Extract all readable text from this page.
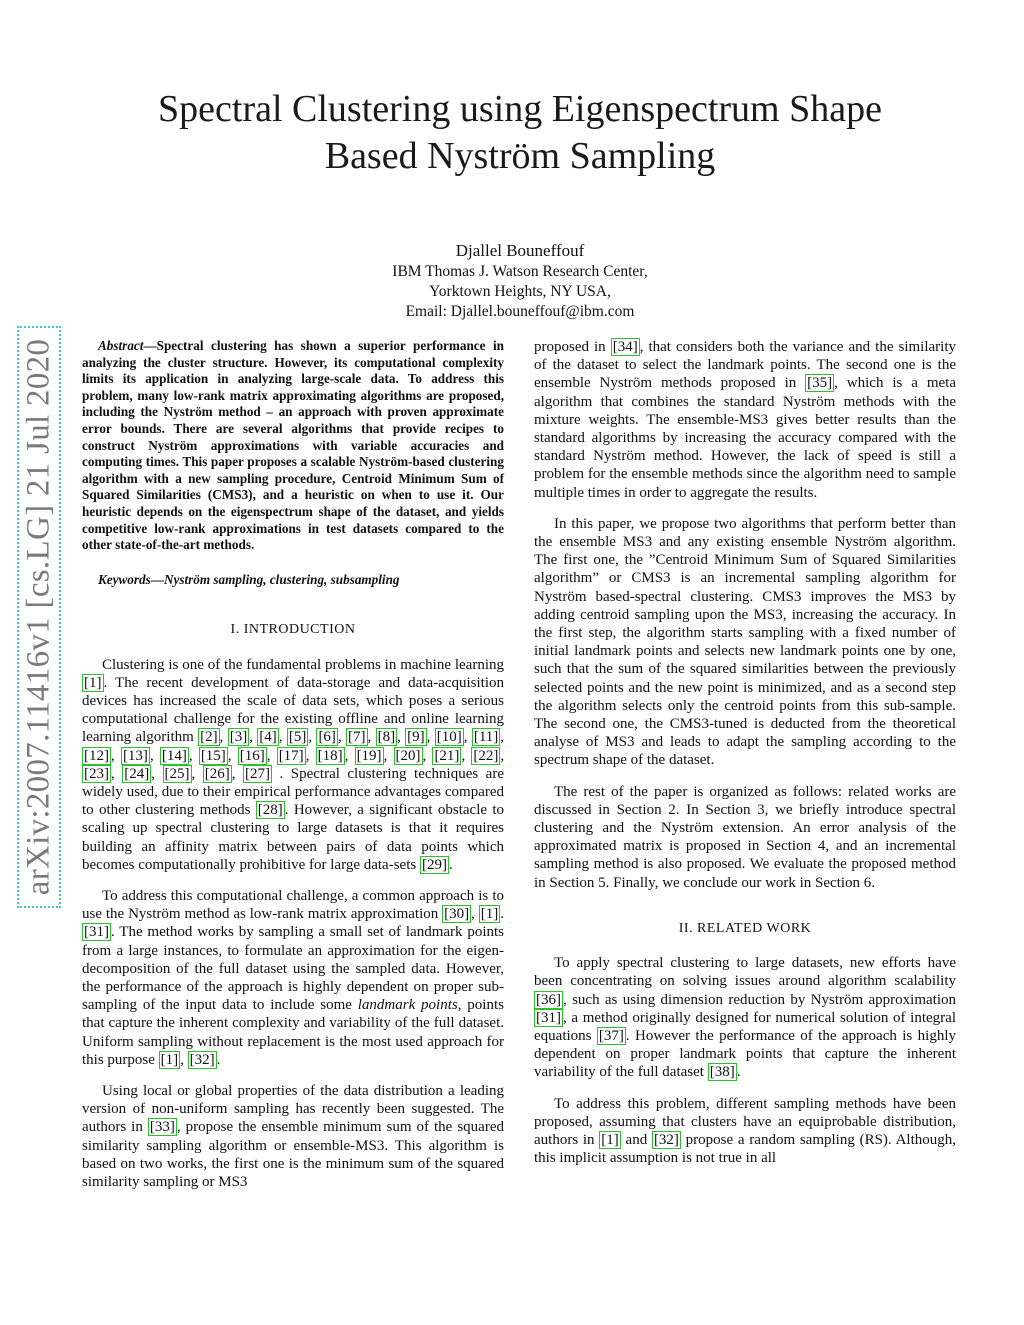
Spectral Clustering using Eigenspectrum Shape
Based Nyström Sampling
Djallel Bouneffouf
IBM Thomas J. Watson Research Center,
Yorktown Heights, NY USA,
Email: Djallel.bouneffouf@ibm.com
arXiv:2007.11416v1 [cs.LG] 21 Jul 2020	Abstract—Spectral clustering has shown a superior performance in analyzing the cluster structure. However, its computational complexity limits its application in analyzing large-scale data. To address this problem, many low-rank matrix approximating algorithms are proposed, including the Nyström method – an approach with proven approximate error bounds. There are several algorithms that provide recipes to construct Nyström approximations with variable accuracies and computing times. This paper proposes a scalable Nyström-based clustering algorithm with a new sampling procedure, Centroid Minimum Sum of Squared Similarities (CMS3), and a heuristic on when to use it. Our heuristic depends on the eigenspectrum shape of the dataset, and yields competitive low-rank approximations in test datasets compared to the other state-of-the-art methods.

Keywords—Nyström sampling, clustering, subsampling

I. INTRODUCTION

Clustering is one of the fundamental problems in machine learning [1] . The recent development of data-storage and data-acquisition devices has increased the scale of data sets, which poses a serious computational challenge for the existing offline and online learning learning algorithm [2] , [3] , [4] , [5] , [6] , [7] , [8] , [9] , [10] , [11] , [12] , [13] , [14] , [15] , [16] , [17] , [18] , [19] , [20] , [21] , [22] , [23] , [24] , [25] , [26] , [27] . Spectral clustering techniques are widely used, due to their empirical performance advantages compared to other clustering methods [28] . However, a significant obstacle to scaling up spectral clustering to large datasets is that it requires building an affinity matrix between pairs of data points which becomes computationally prohibitive for large data-sets [29] .

To address this computational challenge, a common approach is to use the Nyström method as low-rank matrix approximation [30] , [1] . [31] . The method works by sampling a small set of landmark points from a large instances, to formulate an approximation for the eigen-decomposition of the full dataset using the sampled data. However, the performance of the approach is highly dependent on proper sub-sampling of the input data to include some landmark points, points that capture the inherent complexity and variability of the full dataset. Uniform sampling without replacement is the most used approach for this purpose [1] , [32] .

Using local or global properties of the data distribution a leading version of non-uniform sampling has recently been suggested. The authors in [33] , propose the ensemble minimum sum of the squared similarity sampling algorithm or ensemble-MS3. This algorithm is based on two works, the first one is the minimum sum of the squared similarity sampling or MS3

proposed in [34] , that considers both the variance and the similarity of the dataset to select the landmark points. The second one is the ensemble Nyström methods proposed in [35] , which is a meta algorithm that combines the standard Nyström methods with the mixture weights. The ensemble-MS3 gives better results than the standard algorithms by increasing the accuracy compared with the standard Nyström method. However, the lack of speed is still a problem for the ensemble methods since the algorithm need to sample multiple times in order to aggregate the results.

In this paper, we propose two algorithms that perform better than the ensemble MS3 and any existing ensemble Nyström algorithm. The first one, the ”Centroid Minimum Sum of Squared Similarities algorithm” or CMS3 is an incremental sampling algorithm for Nyström based-spectral clustering. CMS3 improves the MS3 by adding centroid sampling upon the MS3, increasing the accuracy. In the first step, the algorithm starts sampling with a fixed number of initial landmark points and selects new landmark points one by one, such that the sum of the squared similarities between the previously selected points and the new point is minimized, and as a second step the algorithm selects only the centroid points from this sub-sample. The second one, the CMS3-tuned is deducted from the theoretical analyse of MS3 and leads to adapt the sampling according to the spectrum shape of the dataset.

The rest of the paper is organized as follows: related works are discussed in Section 2. In Section 3, we briefly introduce spectral clustering and the Nyström extension. An error analysis of the approximated matrix is proposed in Section 4, and an incremental sampling method is also proposed. We evaluate the proposed method in Section 5. Finally, we conclude our work in Section 6.

II. RELATED WORK

To apply spectral clustering to large datasets, new efforts have been concentrating on solving issues around algorithm scalability [36] , such as using dimension reduction by Nyström approximation [31] , a method originally designed for numerical solution of integral equations [37] . However the performance of the approach is highly dependent on proper landmark points that capture the inherent variability of the full dataset [38] .

To address this problem, different sampling methods have been proposed, assuming that clusters have an equiprobable distribution, authors in [1] and [32] propose a random sampling (RS). Although, this implicit assumption is not true in all
